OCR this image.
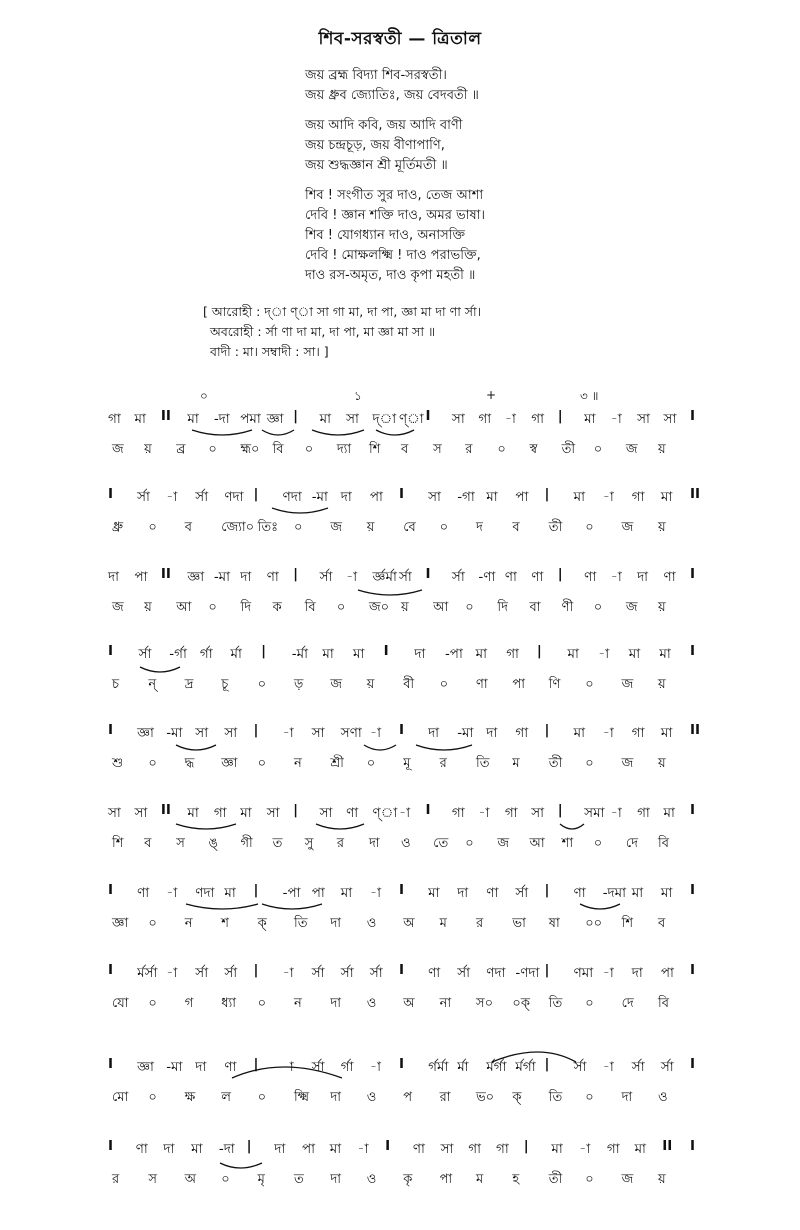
শিব-সরস্বতী — ত্রিতাল
জয় ব্রহ্ম বিদ্যা শিব-সরস্বতী।
জয় ধ্রুব জ্যোতিঃ, জয় বেদবতী ॥
জয় আদি কবি, জয় আদি বাণী
জয় চন্দ্রচূড়, জয় বীণাপাণি,
জয় শুদ্ধজ্ঞান শ্রী মূর্তিমতী ॥
শিব ! সংগীত সুর দাও, তেজ আশা
দেবি ! জ্ঞান শক্তি দাও, অমর ভাষা।
শিব ! যোগধ্যান দাও, অনাসক্তি
দেবি ! মোক্ষলক্ষ্মি ! দাও পরাভক্তি,
দাও রস-অমৃত, দাও কৃপা মহতী ॥
[ আরোহী : দ্‌া ণ্‌া সা গা মা, দা পা, জ্ঞা মা দা ণা র্সা।
অবরোহী : র্সা ণা দা মা, দা পা, মা জ্ঞা মা সা ॥
বাদী : মা। সম্বাদী : সা। ]
০	১	+	৩ ॥
গা মা II মা -দা পমা জ্ঞা | মা সা দ্‌া ণ্‌া I সা গা -া গা | মা -া সা সা I
জ য় ব্র ০ হ্ম০ বি ০ দ্যা শি ব স র ০ স্ব তী ০ জ য়
I র্সা -া র্সা ণদা | ণদা -মা দা পা I সা -গা মা পা | মা -া গা মা II
ধ্রু ০ ব জ্যো০ তিঃ ০ জ য় বে ০ দ ব তী ০ জ য়
দা পা II জ্ঞা -মা দা ণা | র্সা -া র্জ্ঞর্মা র্সা I র্সা -ণা ণা ণা | ণা -া দা ণা I
জ য় আ ০ দি ক বি ০ জ০ য় আ ০ দি বা ণী ০ জ য়
I র্সা -র্গা র্গা র্মা | -র্মা মা মা I দা -পা মা গা | মা -া মা মা I
চ ন্ দ্র চূ ০ ড় জ য় বী ০ ণা পা ণি ০ জ য়
I জ্ঞা -মা সা সা | -া সা সণা -া I দা -মা দা গা | মা -া গা মা II
শু ০ দ্ধ জ্ঞা ০ ন শ্রী ০ মূ র তি ম তী ০ জ য়
সা সা II মা গা মা সা | সা ণা ণ্‌া -া I গা -া গা সা | সমা -া গা মা I
শি ব স ঙ্ গী ত সু র দা ও তে ০ জ আ শা ০ দে বি
I ণা -া ণদা মা | -পা পা মা -া I মা দা ণা র্সা | ণা -দমা মা মা I
জ্ঞা ০ ন শ ক্ তি দা ও অ ম র ভা ষা ০০ শি ব
I র্মর্সা -া র্সা র্সা | -া র্সা র্সা র্সা I ণা র্সা ণদা -ণদা | ণমা -া দা পা I
যো ০ গ ধ্যা ০ ন দা ও অ না স০ ০ক্ তি ০ দে বি
I জ্ঞা -মা দা ণা | -া র্সা র্গা -া I র্গর্মা র্মা র্মর্গা র্মর্গা | র্সা -া র্সা র্সা I
মো ০ ক্ষ ল ০ ক্ষ্মি দা ও প রা ভ০ ক্ তি ০ দা ও
I ণা দা মা -দা | দা পা মা -া I ণা সা গা গা | মা -া গা মা II I
র স অ ০ মৃ ত দা ও কৃ পা ম হ তী ০ জ য়
